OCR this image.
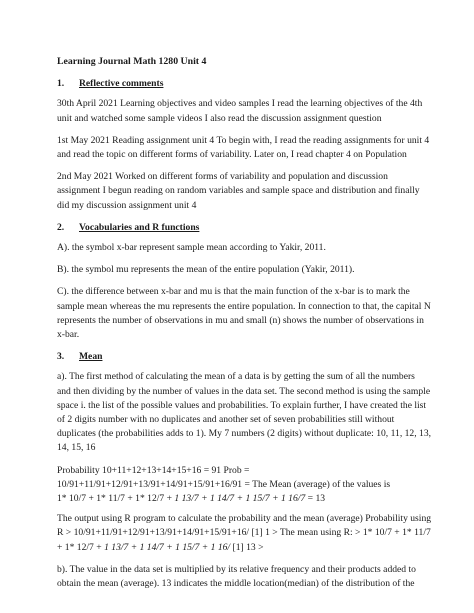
Learning Journal Math 1280 Unit 4

1.	Reflective comments
30th April 2021 Learning objectives and video samples I read the learning objectives of the 4th
unit and watched some sample videos I also read the discussion assignment question
1st May 2021 Reading assignment unit 4 To begin with, I read the reading assignments for unit 4
and read the topic on different forms of variability. Later on, I read chapter 4 on Population
2nd May 2021 Worked on different forms of variability and population and discussion
assignment I begun reading on random variables and sample space and distribution and finally
did my discussion assignment unit 4
2.	Vocabularies and R functions

A). the symbol x-bar represent sample mean according to Yakir, 2011.

B). the symbol mu represents the mean of the entire population (Yakir, 2011).

C). the difference between x-bar and mu is that the main function of the x-bar is to mark the
sample mean whereas the mu represents the entire population. In connection to that, the capital N
represents the number of observations in mu and small (n) shows the number of observations in
x-bar.
3.	Mean
a). The first method of calculating the mean of a data is by getting the sum of all the numbers
and then dividing by the number of values in the data set. The second method is using the sample
space i. the list of the possible values and probabilities. To explain further, I have created the list
of 2 digits number with no duplicates and another set of seven probabilities still without
duplicates (the probabilities adds to 1). My 7 numbers (2 digits) without duplicate: 10, 11, 12, 13,
14, 15, 16
Probability 10+11+12+13+14+15+16 = 91 Prob =
10/91+11/91+12/91+13/91+14/91+15/91+16/91 = The Mean (average) of the values is
1* 10/7 + 1* 11/7 + 1* 12/7 + 1 13/7 + 1 14/7 + 1 15/7 + 1 16/7 = 13
The output using R program to calculate the probability and the mean (average) Probability using
R > 10/91+11/91+12/91+13/91+14/91+15/91+16/ [1] 1 > The mean using R: > 1* 10/7 + 1* 11/7
+ 1* 12/7 + 1 13/7 + 1 14/7 + 1 15/7 + 1 16/ [1] 13 >
b). The value in the data set is multiplied by its relative frequency and their products added to
obtain the mean (average). 13 indicates the middle location(median) of the distribution of the
